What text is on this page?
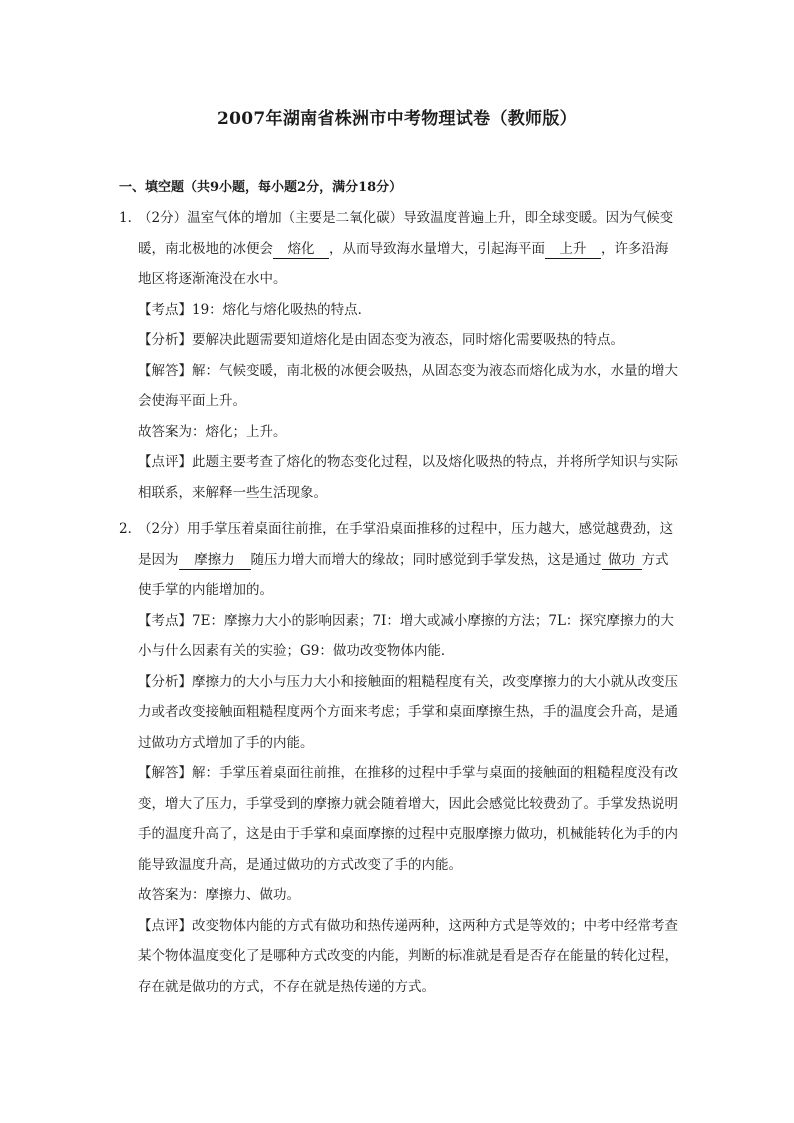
2007年湖南省株洲市中考物理试卷（教师版）
一、填空题（共9小题，每小题2分，满分18分）
1．
（2分）温室气体的增加（主要是二氧化碳）导致温度普遍上升，即全球变暖。因为气候变暖，南北极地的冰便会 熔化 ，从而导致海水量增大，引起海平面 上升 ，许多沿海地区将逐渐淹没在水中。
【考点】19：熔化与熔化吸热的特点．
【分析】要解决此题需要知道熔化是由固态变为液态，同时熔化需要吸热的特点。
【解答】解：气候变暖，南北极的冰便会吸热，从固态变为液态而熔化成为水，水量的增大会使海平面上升。
故答案为：熔化；上升。
【点评】此题主要考查了熔化的物态变化过程，以及熔化吸热的特点，并将所学知识与实际相联系，来解释一些生活现象。
2．
（2分）用手掌压着桌面往前推，在手掌沿桌面推移的过程中，压力越大，感觉越费劲，这是因为 摩擦力 随压力增大而增大的缘故；同时感觉到手掌发热，这是通过 做功 方式使手掌的内能增加的。
【考点】7E：摩擦力大小的影响因素；7I：增大或减小摩擦的方法；7L：探究摩擦力的大小与什么因素有关的实验；G9：做功改变物体内能．
【分析】摩擦力的大小与压力大小和接触面的粗糙程度有关，改变摩擦力的大小就从改变压力或者改变接触面粗糙程度两个方面来考虑；手掌和桌面摩擦生热，手的温度会升高，是通过做功方式增加了手的内能。
【解答】解：手掌压着桌面往前推，在推移的过程中手掌与桌面的接触面的粗糙程度没有改变，增大了压力，手掌受到的摩擦力就会随着增大，因此会感觉比较费劲了。手掌发热说明手的温度升高了，这是由于手掌和桌面摩擦的过程中克服摩擦力做功，机械能转化为手的内能导致温度升高，是通过做功的方式改变了手的内能。
故答案为：摩擦力、做功。
【点评】改变物体内能的方式有做功和热传递两种，这两种方式是等效的；中考中经常考查某个物体温度变化了是哪种方式改变的内能，判断的标准就是看是否存在能量的转化过程，存在就是做功的方式，不存在就是热传递的方式。
